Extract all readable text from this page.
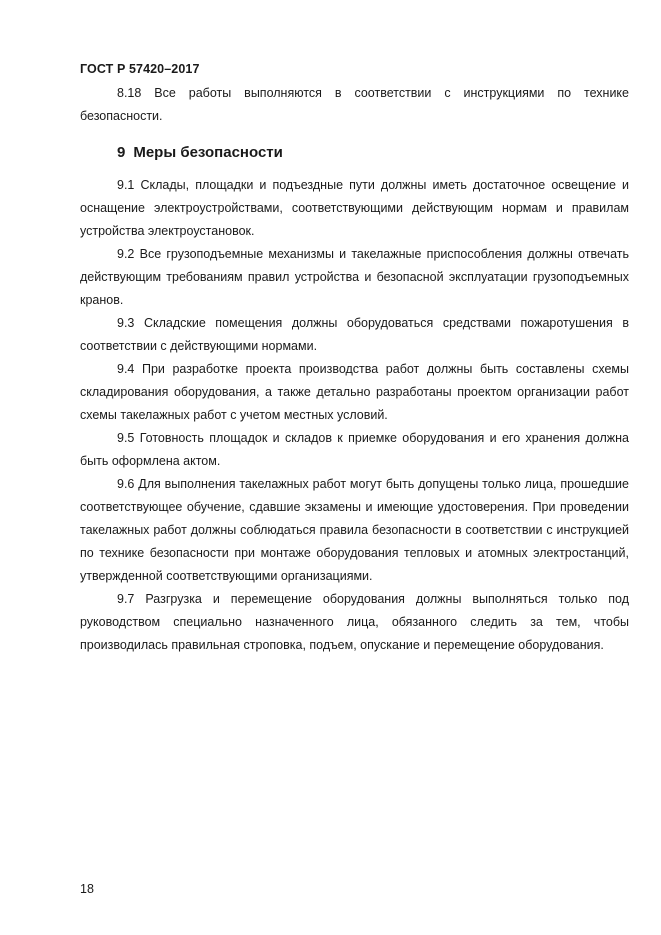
ГОСТ Р 57420–2017

8.18 Все работы выполняются в соответствии с инструкциями по технике безопасности.

9 Меры безопасности

9.1 Склады, площадки и подъездные пути должны иметь достаточное освещение и оснащение электроустройствами, соответствующими действующим нормам и правилам устройства электроустановок.

9.2 Все грузоподъемные механизмы и такелажные приспособления должны отвечать действующим требованиям правил устройства и безопасной эксплуатации грузоподъемных кранов.

9.3 Складские помещения должны оборудоваться средствами пожаротушения в соответствии с действующими нормами.

9.4 При разработке проекта производства работ должны быть составлены схемы складирования оборудования, а также детально разработаны проектом организации работ схемы такелажных работ с учетом местных условий.

9.5 Готовность площадок и складов к приемке оборудования и его хранения должна быть оформлена актом.

9.6 Для выполнения такелажных работ могут быть допущены только лица, прошедшие соответствующее обучение, сдавшие экзамены и имеющие удостоверения. При проведении такелажных работ должны соблюдаться правила безопасности в соответствии с инструкцией по технике безопасности при монтаже оборудования тепловых и атомных электростанций, утвержденной соответствующими организациями.

9.7 Разгрузка и перемещение оборудования должны выполняться только под руководством специально назначенного лица, обязанного следить за тем, чтобы производилась правильная строповка, подъем, опускание и перемещение оборудования.

18
